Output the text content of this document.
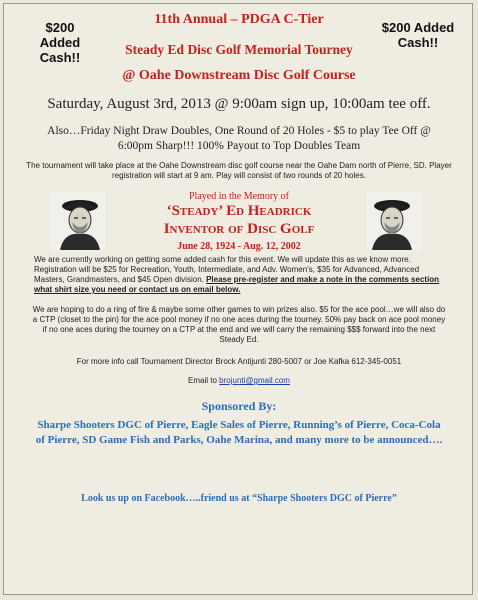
$200 Added Cash!!
$200 Added Cash!!
11th Annual – PDGA C-Tier
Steady Ed Disc Golf Memorial Tourney
@ Oahe Downstream Disc Golf Course
Saturday, August 3rd, 2013 @ 9:00am sign up, 10:00am tee off.
Also…Friday Night Draw Doubles, One Round of 20 Holes - $5 to play Tee Off @ 6:00pm Sharp!!! 100% Payout to Top Doubles Team
The tournament will take place at the Oahe Downstream disc golf course near the Oahe Dam north of Pierre, SD. Player registration will start at 9 am. Play will consist of two rounds of 20 holes.
Played in the Memory of
‘Steady’ Ed Headrick
Inventor of Disc Golf
June 28, 1924 - Aug. 12, 2002
We are currently working on getting some added cash for this event. We will update this as we know more. Registration will be $25 for Recreation, Youth, Intermediate, and Adv. Women's, $35 for Advanced, Advanced Masters, Grandmasters, and $45 Open division. Please pre-register and make a note in the comments section what shirt size you need or contact us on email below.
We are hoping to do a ring of fire & maybe some other games to win prizes also. $5 for the ace pool…we will also do a CTP (closet to the pin) for the ace pool money if no one aces during the tourney. 50% pay back on ace pool money if no one aces during the tourney on a CTP at the end and we will carry the remaining $$$ forward into the next Steady Ed.
For more info call Tournament Director Brock Antijunti 280-5007 or Joe Kafka 612-345-0051
Email to brojunti@gmail.com
Sponsored By:
Sharpe Shooters DGC of Pierre, Eagle Sales of Pierre, Running’s of Pierre, Coca-Cola of Pierre, SD Game Fish and Parks, Oahe Marina, and many more to be announced….
Look us up on Facebook…..friend us at “Sharpe Shooters DGC of Pierre”
